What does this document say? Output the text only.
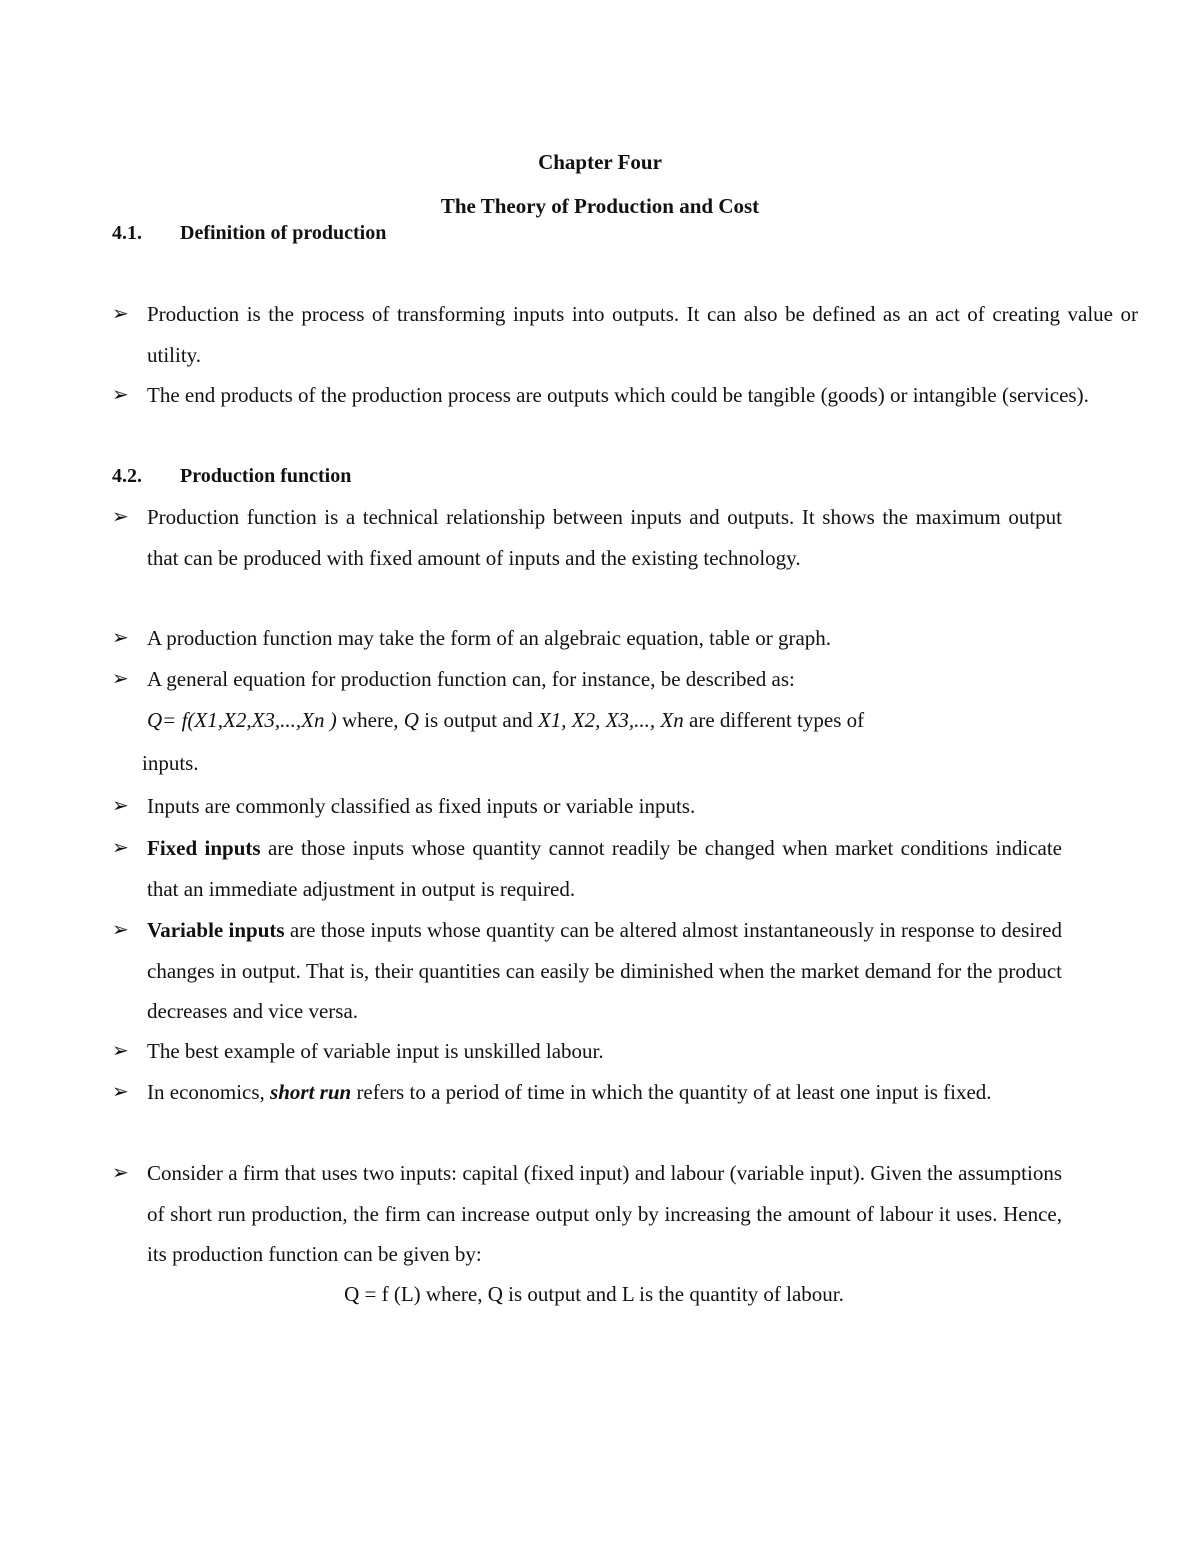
Chapter Four
The Theory of Production and Cost
4.1.	Definition of production
➢ Production is the process of transforming inputs into outputs. It can also be defined as an act of creating value or utility.
➢ The end products of the production process are outputs which could be tangible (goods) or intangible (services).
4.2.	Production function
➢ Production function is a technical relationship between inputs and outputs. It shows the maximum output that can be produced with fixed amount of inputs and the existing technology.
➢ A production function may take the form of an algebraic equation, table or graph.
➢ A general equation for production function can, for instance, be described as:
Q= f(X1,X2,X3,...,Xn ) where, Q is output and X1, X2, X3,..., Xn are different types of
inputs.
➢ Inputs are commonly classified as fixed inputs or variable inputs.
➢ Fixed inputs are those inputs whose quantity cannot readily be changed when market conditions indicate that an immediate adjustment in output is required.
➢ Variable inputs are those inputs whose quantity can be altered almost instantaneously in response to desired changes in output. That is, their quantities can easily be diminished when the market demand for the product decreases and vice versa.
➢ The best example of variable input is unskilled labour.
➢ In economics, short run refers to a period of time in which the quantity of at least one input is fixed.
➢ Consider a firm that uses two inputs: capital (fixed input) and labour (variable input). Given the assumptions of short run production, the firm can increase output only by increasing the amount of labour it uses. Hence, its production function can be given by:
Q = f (L) where, Q is output and L is the quantity of labour.
